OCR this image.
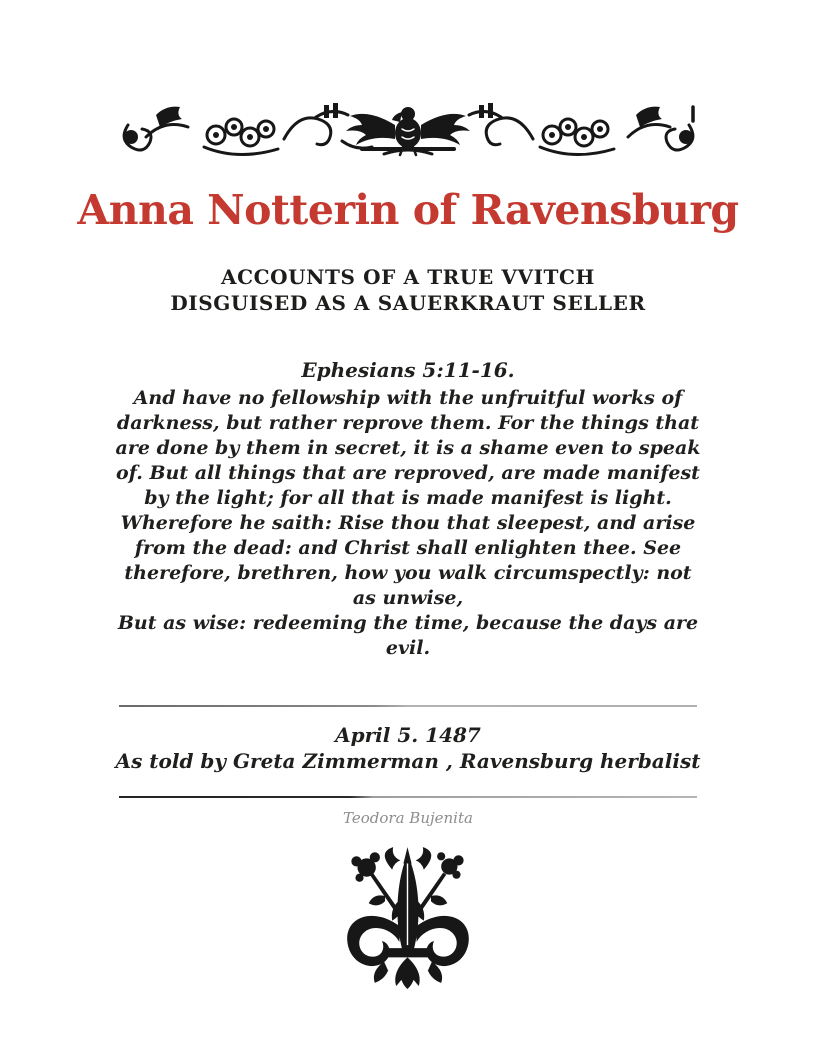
Anna Notterin of Ravensburg
ACCOUNTS OF A TRUE VVITCH
DISGUISED AS A SAUERKRAUT SELLER
Ephesians 5:11-16.
And have no fellowship with the unfruitful works of darkness, but rather reprove them. For the things that are done by them in secret, it is a shame even to speak of. But all things that are reproved, are made manifest by the light; for all that is made manifest is light. Wherefore he saith: Rise thou that sleepest, and arise from the dead: and Christ shall enlighten thee. See therefore, brethren, how you walk circumspectly: not as unwise,
But as wise: redeeming the time, because the days are evil.
April 5. 1487
As told by Greta Zimmerman , Ravensburg herbalist
Teodora Bujenita
